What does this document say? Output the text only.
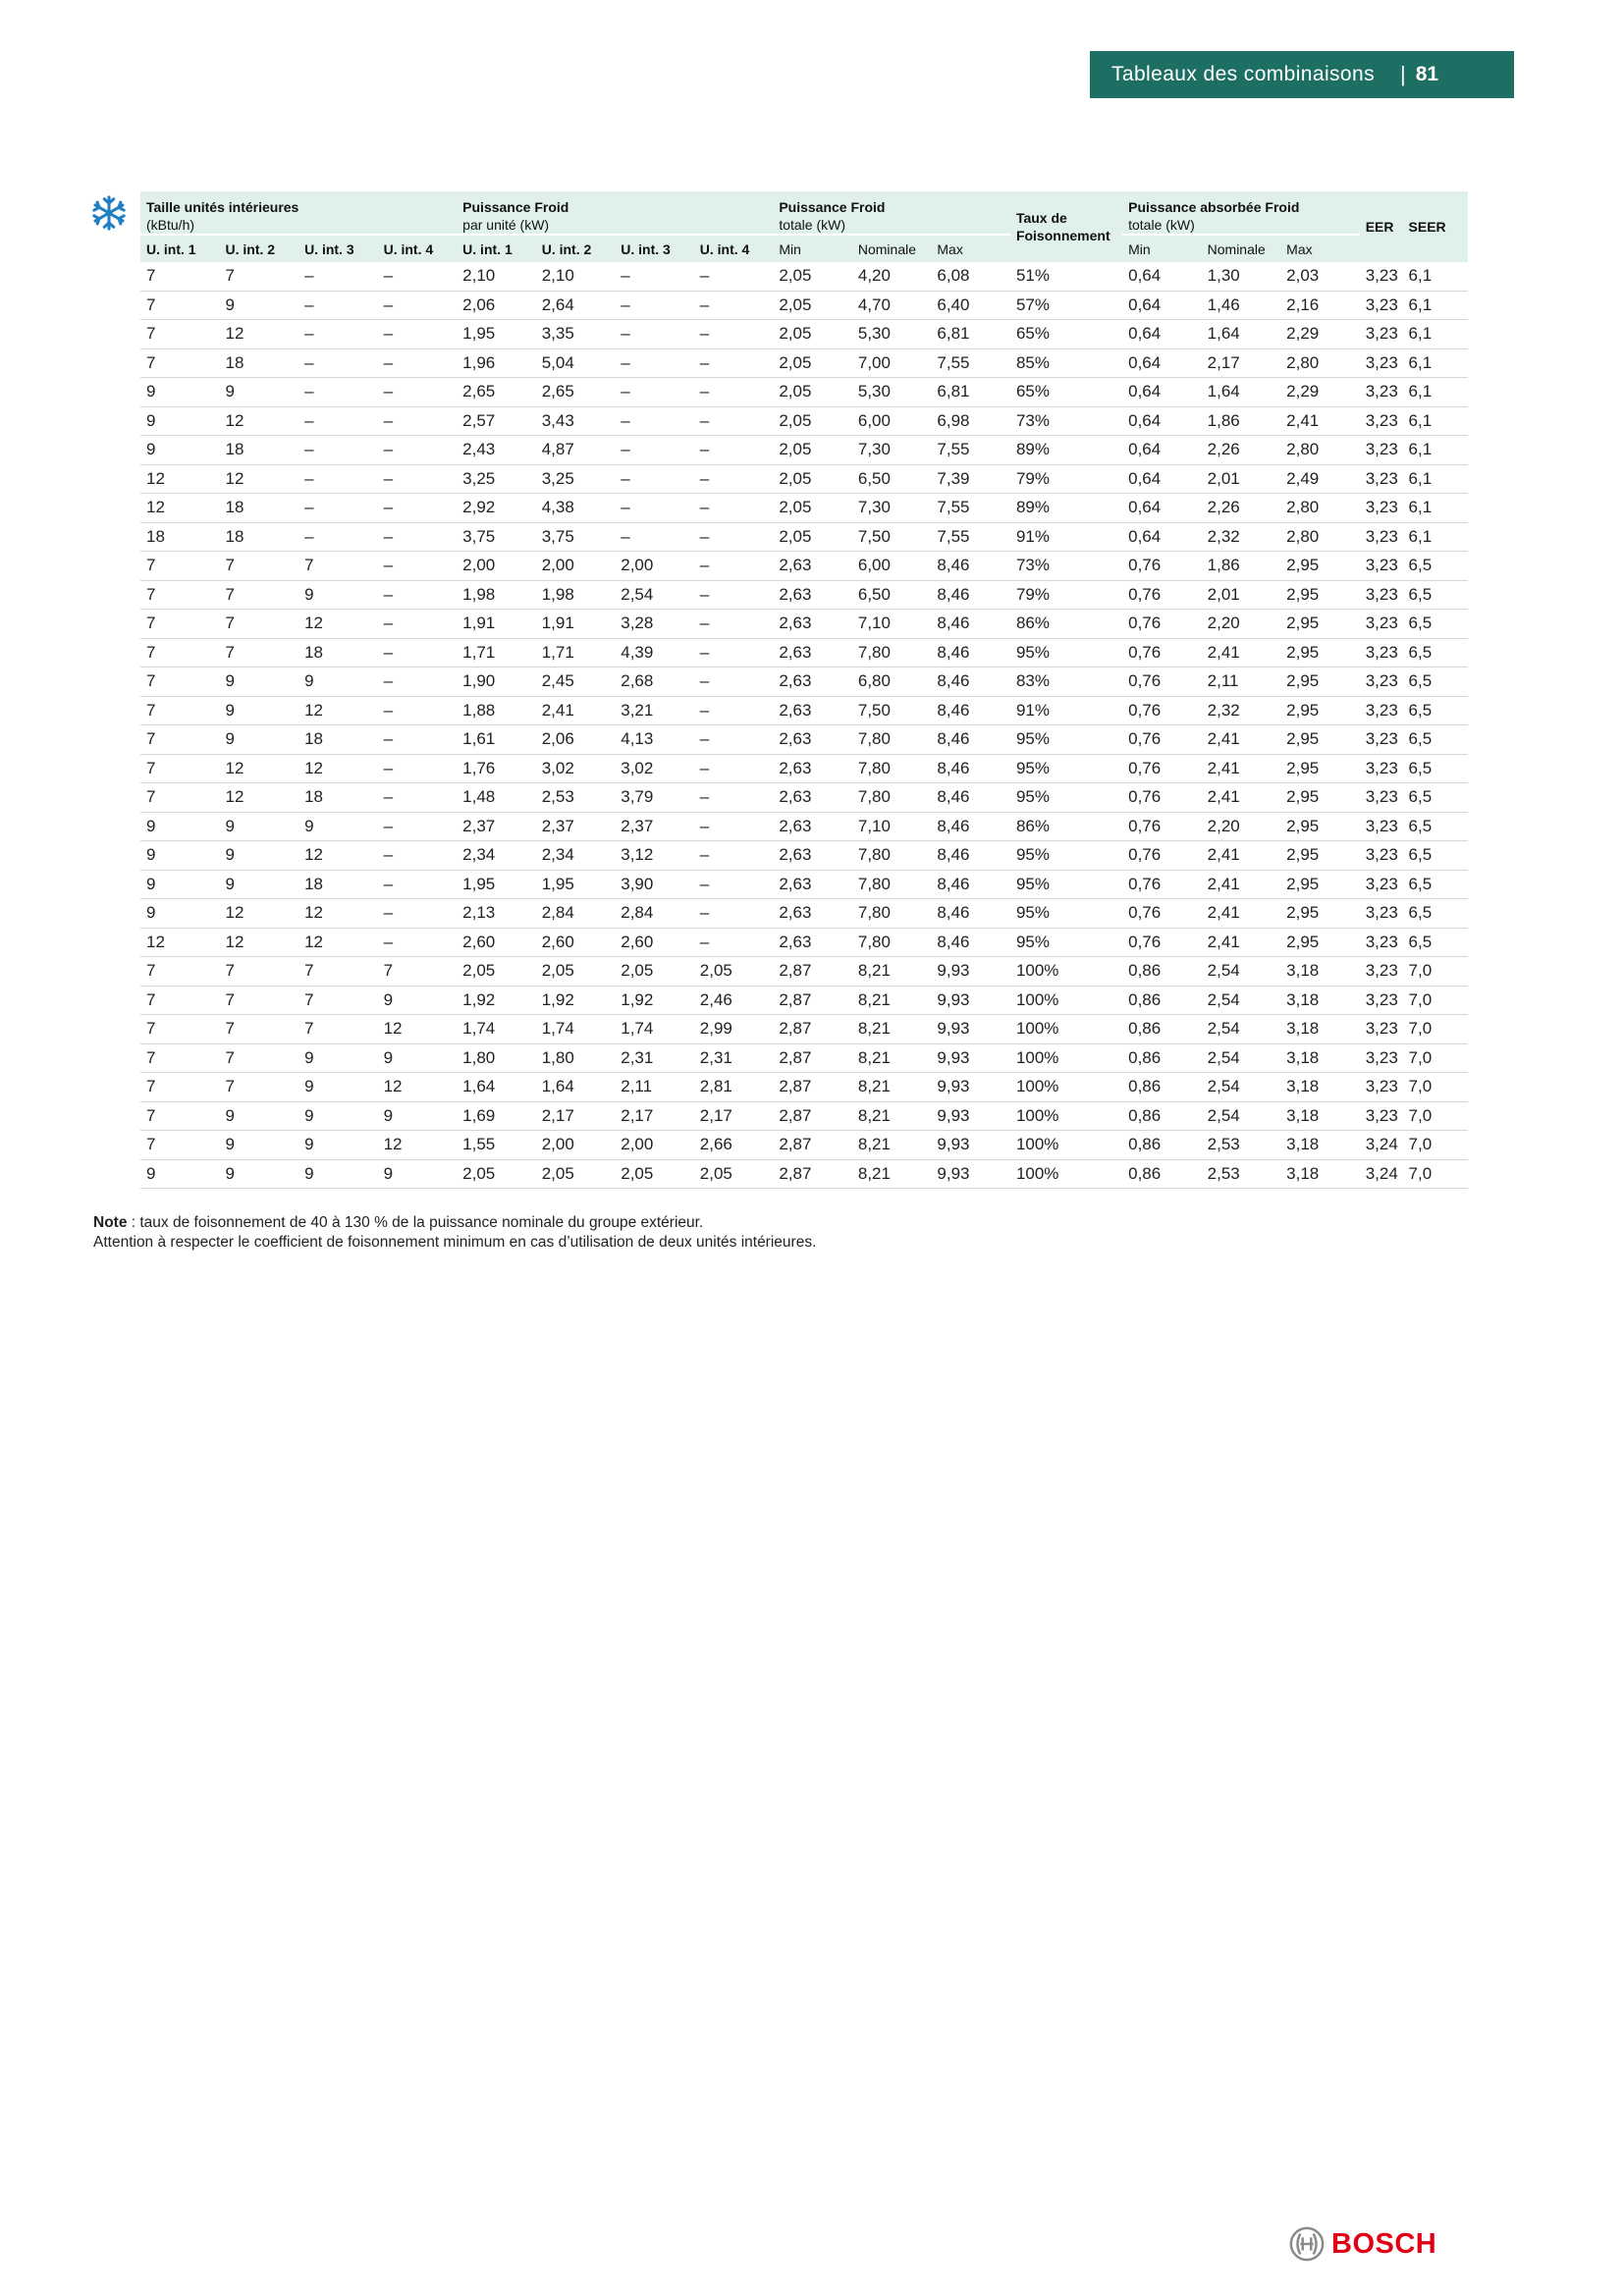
Tableaux des combinaisons | 81
Taille unités intérieures
(kBtu/h)				Puissance Froid
par unité (kW)				Puissance Froid
totale (kW)			Taux de Foisonnement	Puissance absorbée Froid
totale (kW)			EER	SEER
U. int. 1	U. int. 2	U. int. 3	U. int. 4	U. int. 1	U. int. 2	U. int. 3	U. int. 4	Min	Nominale	Max		Min	Nominale	Max		
7	7	–	–	2,10	2,10	–	–	2,05	4,20	6,08	51%	0,64	1,30	2,03	3,23	6,1
7	9	–	–	2,06	2,64	–	–	2,05	4,70	6,40	57%	0,64	1,46	2,16	3,23	6,1
7	12	–	–	1,95	3,35	–	–	2,05	5,30	6,81	65%	0,64	1,64	2,29	3,23	6,1
7	18	–	–	1,96	5,04	–	–	2,05	7,00	7,55	85%	0,64	2,17	2,80	3,23	6,1
9	9	–	–	2,65	2,65	–	–	2,05	5,30	6,81	65%	0,64	1,64	2,29	3,23	6,1
9	12	–	–	2,57	3,43	–	–	2,05	6,00	6,98	73%	0,64	1,86	2,41	3,23	6,1
9	18	–	–	2,43	4,87	–	–	2,05	7,30	7,55	89%	0,64	2,26	2,80	3,23	6,1
12	12	–	–	3,25	3,25	–	–	2,05	6,50	7,39	79%	0,64	2,01	2,49	3,23	6,1
12	18	–	–	2,92	4,38	–	–	2,05	7,30	7,55	89%	0,64	2,26	2,80	3,23	6,1
18	18	–	–	3,75	3,75	–	–	2,05	7,50	7,55	91%	0,64	2,32	2,80	3,23	6,1
7	7	7	–	2,00	2,00	2,00	–	2,63	6,00	8,46	73%	0,76	1,86	2,95	3,23	6,5
7	7	9	–	1,98	1,98	2,54	–	2,63	6,50	8,46	79%	0,76	2,01	2,95	3,23	6,5
7	7	12	–	1,91	1,91	3,28	–	2,63	7,10	8,46	86%	0,76	2,20	2,95	3,23	6,5
7	7	18	–	1,71	1,71	4,39	–	2,63	7,80	8,46	95%	0,76	2,41	2,95	3,23	6,5
7	9	9	–	1,90	2,45	2,68	–	2,63	6,80	8,46	83%	0,76	2,11	2,95	3,23	6,5
7	9	12	–	1,88	2,41	3,21	–	2,63	7,50	8,46	91%	0,76	2,32	2,95	3,23	6,5
7	9	18	–	1,61	2,06	4,13	–	2,63	7,80	8,46	95%	0,76	2,41	2,95	3,23	6,5
7	12	12	–	1,76	3,02	3,02	–	2,63	7,80	8,46	95%	0,76	2,41	2,95	3,23	6,5
7	12	18	–	1,48	2,53	3,79	–	2,63	7,80	8,46	95%	0,76	2,41	2,95	3,23	6,5
9	9	9	–	2,37	2,37	2,37	–	2,63	7,10	8,46	86%	0,76	2,20	2,95	3,23	6,5
9	9	12	–	2,34	2,34	3,12	–	2,63	7,80	8,46	95%	0,76	2,41	2,95	3,23	6,5
9	9	18	–	1,95	1,95	3,90	–	2,63	7,80	8,46	95%	0,76	2,41	2,95	3,23	6,5
9	12	12	–	2,13	2,84	2,84	–	2,63	7,80	8,46	95%	0,76	2,41	2,95	3,23	6,5
12	12	12	–	2,60	2,60	2,60	–	2,63	7,80	8,46	95%	0,76	2,41	2,95	3,23	6,5
7	7	7	7	2,05	2,05	2,05	2,05	2,87	8,21	9,93	100%	0,86	2,54	3,18	3,23	7,0
7	7	7	9	1,92	1,92	1,92	2,46	2,87	8,21	9,93	100%	0,86	2,54	3,18	3,23	7,0
7	7	7	12	1,74	1,74	1,74	2,99	2,87	8,21	9,93	100%	0,86	2,54	3,18	3,23	7,0
7	7	9	9	1,80	1,80	2,31	2,31	2,87	8,21	9,93	100%	0,86	2,54	3,18	3,23	7,0
7	7	9	12	1,64	1,64	2,11	2,81	2,87	8,21	9,93	100%	0,86	2,54	3,18	3,23	7,0
7	9	9	9	1,69	2,17	2,17	2,17	2,87	8,21	9,93	100%	0,86	2,54	3,18	3,23	7,0
7	9	9	12	1,55	2,00	2,00	2,66	2,87	8,21	9,93	100%	0,86	2,53	3,18	3,24	7,0
9	9	9	9	2,05	2,05	2,05	2,05	2,87	8,21	9,93	100%	0,86	2,53	3,18	3,24	7,0
Note : taux de foisonnement de 40 à 130 % de la puissance nominale du groupe extérieur.
Attention à respecter le coefficient de foisonnement minimum en cas d’utilisation de deux unités intérieures.
BOSCH
